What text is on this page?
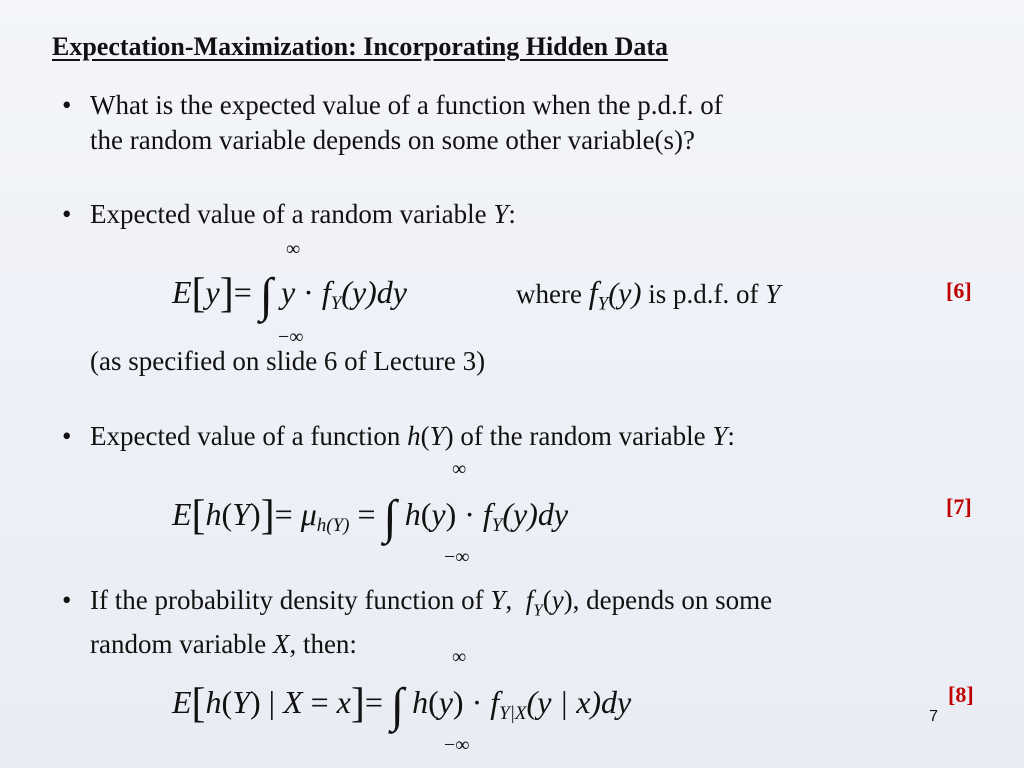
Expectation-Maximization: Incorporating Hidden Data
• What is the expected value of a function when the p.d.f. of
the random variable depends on some other variable(s)?
• Expected value of a random variable Y:
E[y]= ∫ $y \cdot f_Y(y)dy$
∞
−∞
where $f_Y(y)$ is p.d.f. of Y	[6]
(as specified on slide 6 of Lecture 3)
• Expected value of a function h(Y) of the random variable Y:
$E[h(Y)]= \mu_{h(Y)}$ = ∫ $h(y) \cdot f_Y(y)dy$
∞
−∞
[7]
• If the probability density function of Y,  $f_Y(y)$, depends on some
random variable X, then:
E[h(Y) | X = x]= ∫ $h(y) \cdot f_{Y|X}(y$ | x)dy
∞
−∞
[8]
7
